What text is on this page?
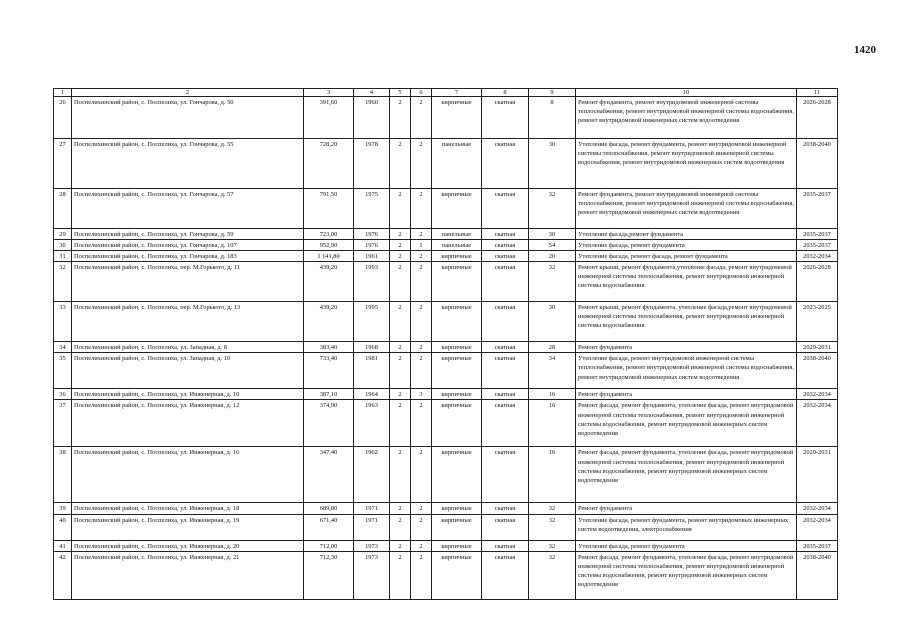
1420
1	2	3	4	5	6	7	8	9	10	11
26	Поспелихинский район, с. Поспелиха, ул. Гончарова, д. 50	391,60	1960	2	2	кирпичные	скатная	8	Ремонт фундамента, ремонт внутридомовой инженерной системы теплоснабжения, ремонт внутридомовой инженерной системы водоснабжения, ремонт внутридомовой инженерных систем водоотведения	2026-2028
27	Поспелихинский район, с. Поспелиха, ул. Гончарова, д. 55	728,20	1978	2	2	панельные	скатная	30	Утепление фасада, ремонт фундамента, ремонт внутридомовой инженерной системы теплоснабжения, ремонт внутридомовой инженерной системы водоснабжения, ремонт внутридомовой инженерных систем водоотведения	2038-2040
28	Поспелихинский район, с. Поспелиха, ул. Гончарова, д. 57	791,50	1975	2	2	кирпичные	скатная	32	Ремонт фундамента, ремонт внутридомовой инженерной системы теплоснабжения, ремонт внутридомовой инженерной системы водоснабжения, ремонт внутридомовой инженерных систем водоотведения	2035-2037
29	Поспелихинский район, с. Поспелиха, ул. Гончарова, д. 59	723,00	1976	2	2	панельные	скатная	30	Утепление фасада,ремонт фундамента	2035-2037
30	Поспелихинский район, с. Поспелиха, ул. Гончарова, д. 107	952,90	1976	2	1	панельные	скатная	54	Утепление фасада, ремонт фундамента	2035-2037
31	Поспелихинский район, с. Поспелиха, ул. Гончарова, д. 183	1 141,80	1961	2	2	кирпичные	скатная	20	Утепление фасада, ремонт фасада, ремонт фундамента	2032-2034
32	Поспелихинский район, с. Поспелиха, пер. М.Горького, д. 11	439,20	1993	2	2	кирпичные	скатная	32	Ремонт крыши, ремонт фундамента,утепление фасада, ремонт внутридомовой инженерной системы теплоснабжения, ремонт внутридомовой инженерной системы водоснабжения	2026-2028
33	Поспелихинский район, с. Поспелиха, пер. М.Горького, д. 13	439,20	1995	2	2	кирпичные	скатная	30	Ремонт крыши, ремонт фундамента, утепление фасада,ремонт внутридомовой инженерной системы теплоснабжения, ремонт внутридомовой инженерной системы водоснабжения	2023-2025
34	Поспелихинский район, с. Поспелиха, ул. Западная, д. 8	383,40	1968	2	2	кирпичные	скатная	28	Ремонт фундамента	2029-2031
35	Поспелихинский район, с. Поспелиха, ул. Западная, д. 10	733,40	1981	2	2	кирпичные	скатная	34	Утепление фасада, ремонт внутридомовой инженерной системы теплоснабжения, ремонт внутридомовой инженерной системы водоснабжения, ремонт внутридомовой инженерных систем водоотведения	2038-2040
36	Поспелихинский район, с. Поспелиха, ул. Инженерная, д. 10	387,10	1964	2	3	кирпичные	скатная	16	Ремонт фундамента	2032-2034
37	Поспелихинский район, с. Поспелиха, ул. Инженерная, д. 12	374,90	1963	2	2	кирпичные	скатная	16	Ремонт фасада, ремонт фундамента, утепление фасада, ремонт внутридомовой инженерной системы теплоснабжения, ремонт внутридомовой инженерной системы водоснабжения, ремонт внутридомовой инженерных систем водоотведения	2032-2034
38	Поспелихинский район, с. Поспелиха, ул. Инженерная, д. 16	347,40	1962	2	2	кирпичные	скатная	16	Ремонт фасада, ремонт фундамента, утепление фасада, ремонт внутридомовой инженерной системы теплоснабжения, ремонт внутридомовой инженерной системы водоснабжения, ремонт внутридомовой инженерных систем водоотведения	2029-2031
39	Поспелихинский район, с. Поспелиха, ул. Инженерная, д. 18	689,80	1971	2	2	кирпичные	скатная	32	Ремонт фундамента	2032-2034
40	Поспелихинский район, с. Поспелиха, ул. Инженерная, д. 19	671,40	1971	2	2	кирпичные	скатная	32	Утепление фасада, ремонт фундамента, ремонт внутридомовых инженерных систем водоотведения, электроснабжения	2032-2034
41	Поспелихинский район, с. Поспелиха, ул. Инженерная, д. 20	712,00	1973	2	2	кирпичные	скатная	32	Утепление фасада, ремонт фундамента	2035-2037
42	Поспелихинский район, с. Поспелиха, ул. Инженерная, д. 21	712,30	1973	2	2	кирпичные	скатная	32	Ремонт фасада, ремонт фундамента, утепление фасада, ремонт внутридомовой инженерной системы теплоснабжения, ремонт внутридомовой инженерной системы водоснабжения, ремонт внутридомовой инженерных систем водоотведения	2038-2040
